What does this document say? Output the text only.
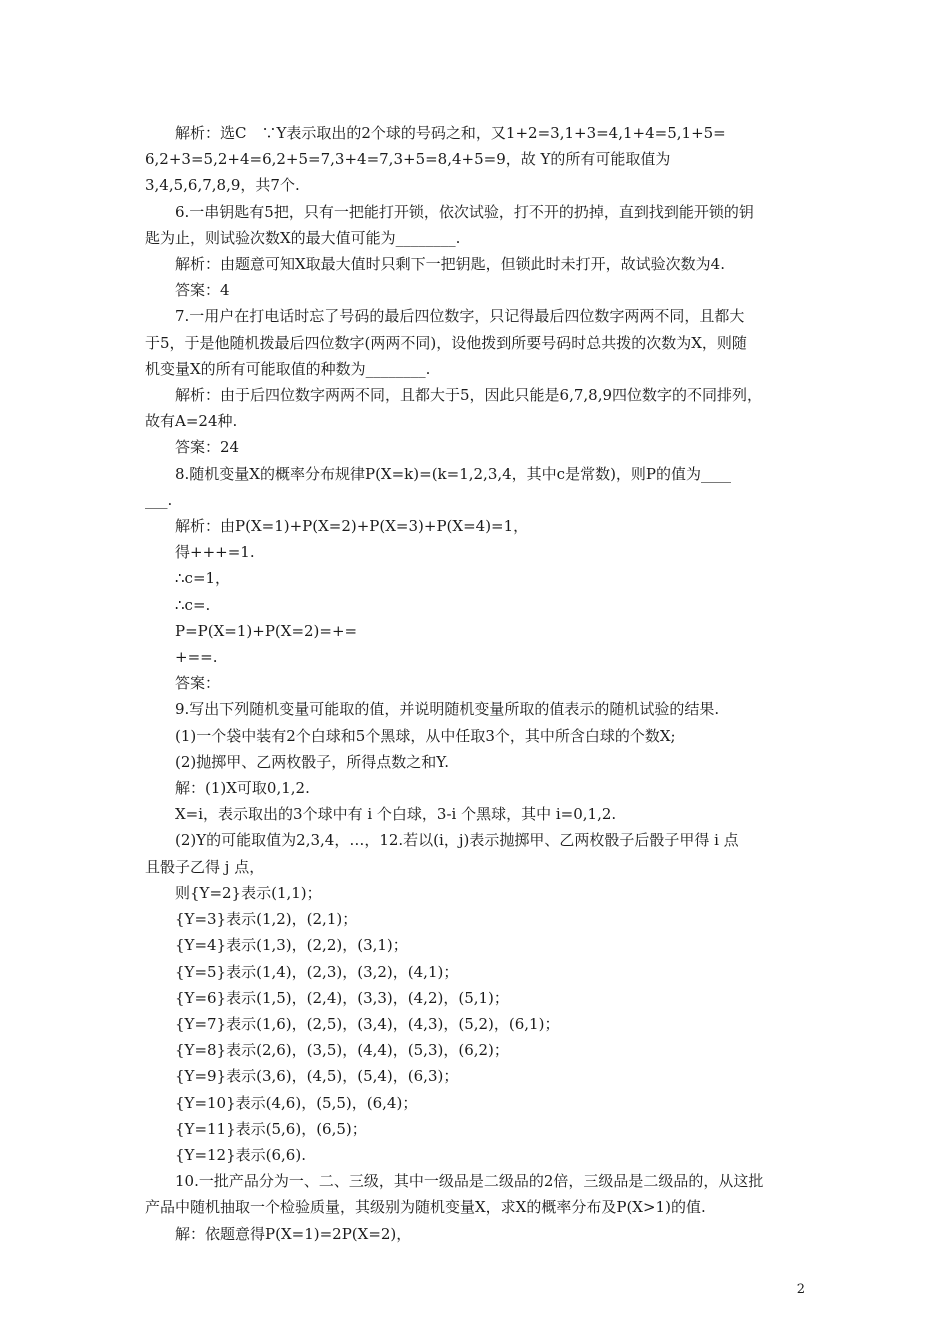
解析：选C　∵Y表示取出的2个球的号码之和，又1+2=3,1+3=4,1+4=5,1+5=
6,2+3=5,2+4=6,2+5=7,3+4=7,3+5=8,4+5=9，故 Y的所有可能取值为
3,4,5,6,7,8,9，共7个.
6.一串钥匙有5把，只有一把能打开锁，依次试验，打不开的扔掉，直到找到能开锁的钥
匙为止，则试验次数X的最大值可能为________.
解析：由题意可知X取最大值时只剩下一把钥匙，但锁此时未打开，故试验次数为4.
答案：4
7.一用户在打电话时忘了号码的最后四位数字，只记得最后四位数字两两不同，且都大
于5，于是他随机拨最后四位数字(两两不同)，设他拨到所要号码时总共拨的次数为X，则随
机变量X的所有可能取值的种数为________.
解析：由于后四位数字两两不同，且都大于5，因此只能是6,7,8,9四位数字的不同排列，
故有A=24种.
答案：24
8.随机变量X的概率分布规律P(X=k)=(k=1,2,3,4，其中c是常数)，则P的值为____
___.
解析：由P(X=1)+P(X=2)+P(X=3)+P(X=4)=1，
得+++=1.
∴c=1，
∴c=.
P=P(X=1)+P(X=2)=+=
+==.
答案：
9.写出下列随机变量可能取的值，并说明随机变量所取的值表示的随机试验的结果.
(1)一个袋中装有2个白球和5个黑球，从中任取3个，其中所含白球的个数X;
(2)抛掷甲、乙两枚骰子，所得点数之和Y.
解：(1)X可取0,1,2.
X=i，表示取出的3个球中有 i 个白球，3-i 个黑球，其中 i=0,1,2.
(2)Y的可能取值为2,3,4，…，12.若以(i，j)表示抛掷甲、乙两枚骰子后骰子甲得 i 点
且骰子乙得 j 点，
则{Y=2}表示(1,1)；
{Y=3}表示(1,2)，(2,1)；
{Y=4}表示(1,3)，(2,2)，(3,1)；
{Y=5}表示(1,4)，(2,3)，(3,2)，(4,1)；
{Y=6}表示(1,5)，(2,4)，(3,3)，(4,2)，(5,1)；
{Y=7}表示(1,6)，(2,5)，(3,4)，(4,3)，(5,2)，(6,1)；
{Y=8}表示(2,6)，(3,5)，(4,4)，(5,3)，(6,2)；
{Y=9}表示(3,6)，(4,5)，(5,4)，(6,3)；
{Y=10}表示(4,6)，(5,5)，(6,4)；
{Y=11}表示(5,6)，(6,5)；
{Y=12}表示(6,6).
10.一批产品分为一、二、三级，其中一级品是二级品的2倍，三级品是二级品的，从这批
产品中随机抽取一个检验质量，其级别为随机变量X，求X的概率分布及P(X>1)的值.
解：依题意得P(X=1)=2P(X=2)，
2
